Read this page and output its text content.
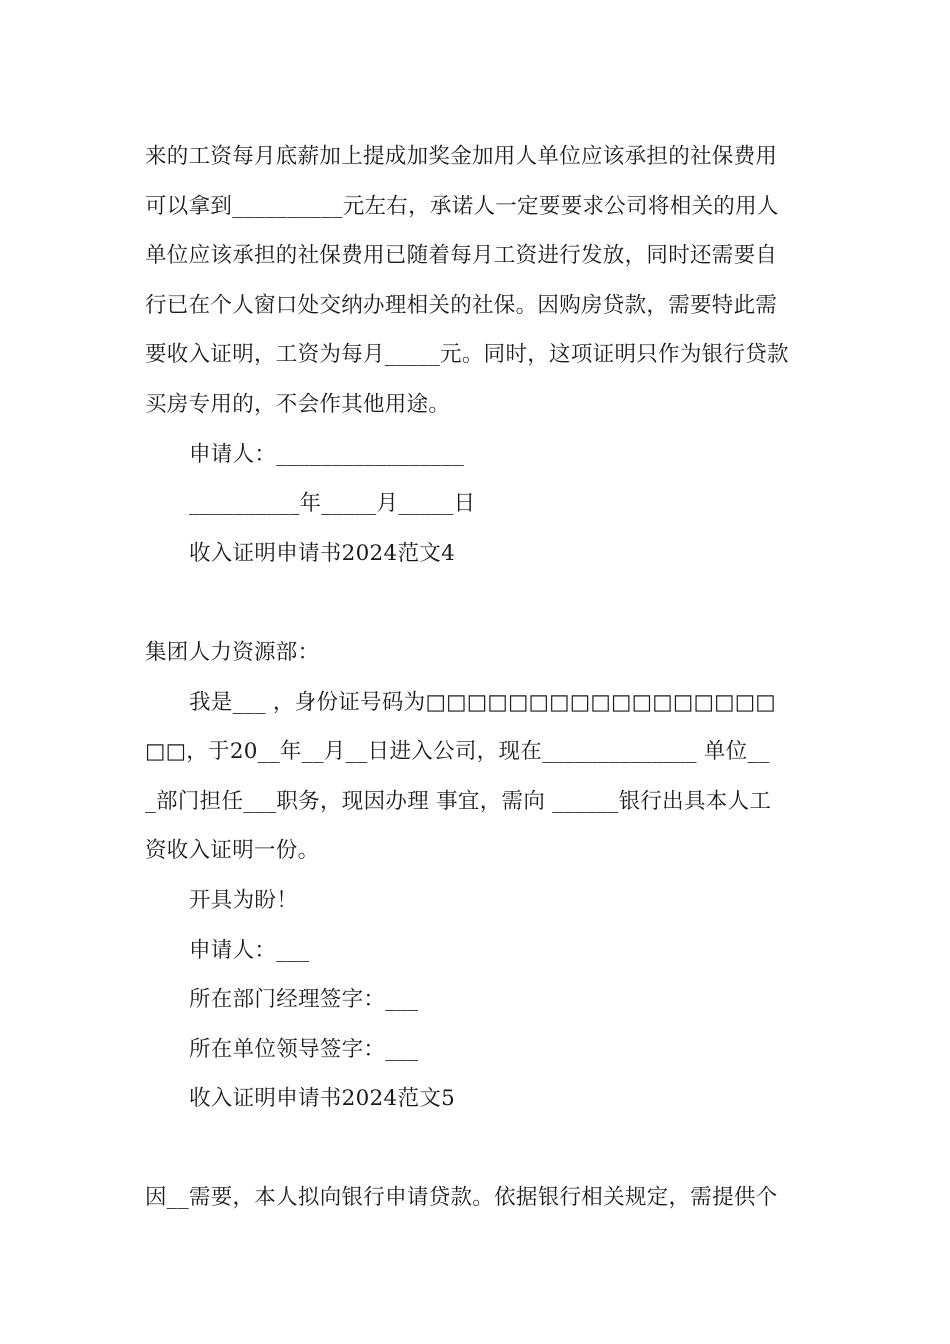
来的工资每月底薪加上提成加奖金加用人单位应该承担的社保费用
可以拿到__________元左右，承诺人一定要要求公司将相关的用人
单位应该承担的社保费用已随着每月工资进行发放，同时还需要自
行已在个人窗口处交纳办理相关的社保。因购房贷款，需要特此需
要收入证明，工资为每月_____元。同时，这项证明只作为银行贷款
买房专用的，不会作其他用途。
申请人：_________________
__________年_____月_____日
收入证明申请书2024范文4
集团人力资源部：
我是___ ，身份证号码为□□□□□□□□□□□□□□□□□
□□，于20__年__月__日进入公司，现在______________ 单位__
_部门担任___职务，现因办理 事宜，需向 ______银行出具本人工
资收入证明一份。
开具为盼！
申请人：___
所在部门经理签字：___
所在单位领导签字：___
收入证明申请书2024范文5
因__需要，本人拟向银行申请贷款。依据银行相关规定，需提供个
